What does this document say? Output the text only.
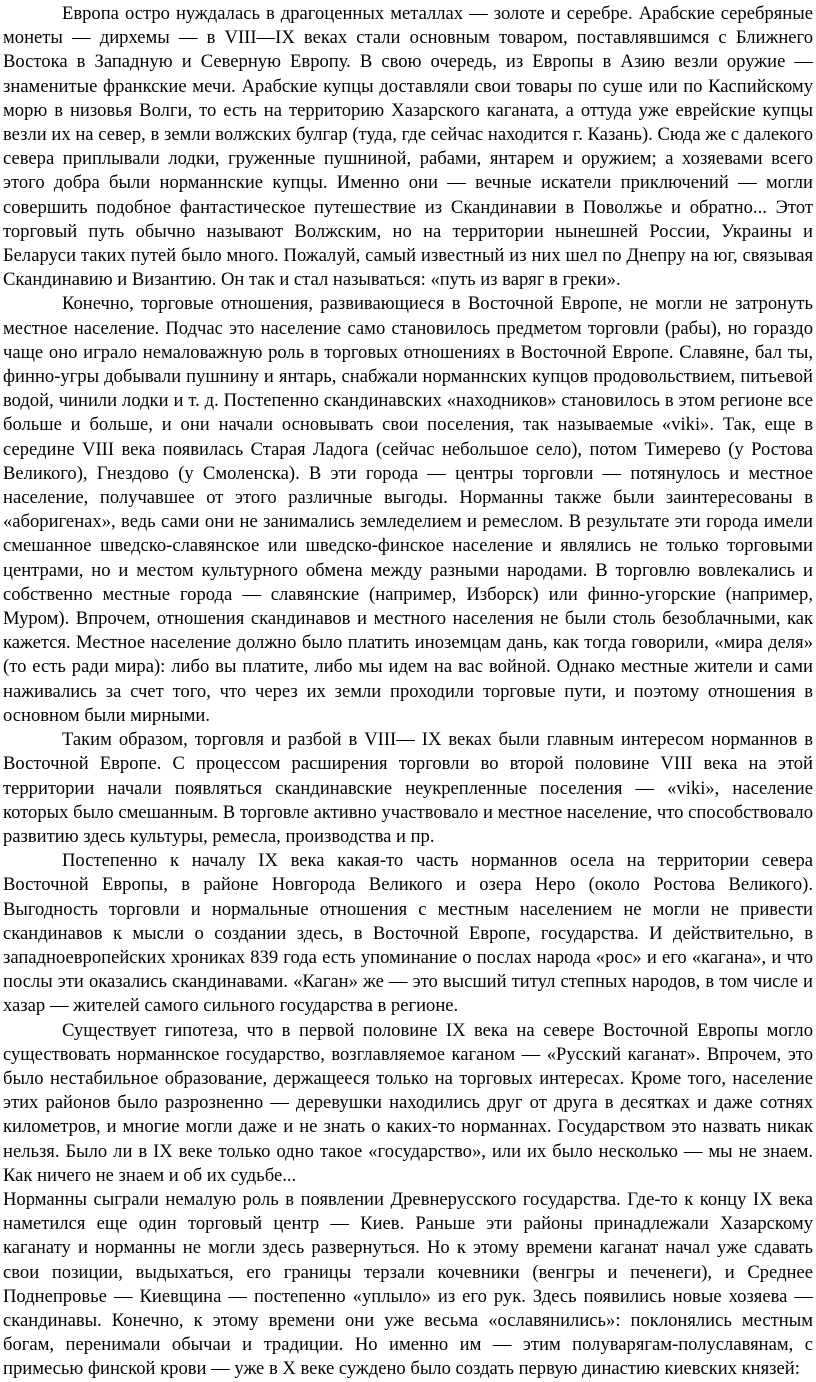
Европа остро нуждалась в драгоценных металлах — золоте и серебре. Арабские серебряные монеты — дирхемы — в VIII—IX веках стали основным товаром, поставлявшимся с Ближнего Востока в Западную и Северную Европу. В свою очередь, из Европы в Азию везли оружие — знаменитые франкские мечи. Арабские купцы доставляли свои товары по суше или по Каспийскому морю в низовья Волги, то есть на территорию Хазарского каганата, а оттуда уже еврейские купцы везли их на север, в земли волжских булгар (туда, где сейчас находится г. Казань). Сюда же с далекого севера приплывали лодки, груженные пушниной, рабами, янтарем и оружием; а хозяевами всего этого добра были норманнские купцы. Именно они — вечные искатели приключений — могли совершить подобное фантастическое путешествие из Скандинавии в Поволжье и обратно... Этот торговый путь обычно называют Волжским, но на территории нынешней России, Украины и Беларуси таких путей было много. Пожалуй, самый известный из них шел по Днепру на юг, связывая Скандинавию и Византию. Он так и стал называться: «путь из варяг в греки».

Конечно, торговые отношения, развивающиеся в Восточной Европе, не могли не затронуть местное население. Подчас это население само становилось предметом торговли (рабы), но гораздо чаще оно играло немаловажную роль в торговых отношениях в Восточной Европе. Славяне, бал ты, финно-угры добывали пушнину и янтарь, снабжали норманнских купцов продовольствием, питьевой водой, чинили лодки и т. д. Постепенно скандинавских «находников» становилось в этом регионе все больше и больше, и они начали основывать свои поселения, так называемые «viki». Так, еще в середине VIII века появилась Старая Ладога (сейчас небольшое село), потом Тимерево (у Ростова Великого), Гнездово (у Смоленска). В эти города — центры торговли — потянулось и местное население, получавшее от этого различные выгоды. Норманны также были заинтересованы в «аборигенах», ведь сами они не занимались земледелием и ремеслом. В результате эти города имели смешанное шведско-славянское или шведско-финское население и являлись не только торговыми центрами, но и местом культурного обмена между разными народами. В торговлю вовлекались и собственно местные города — славянские (например, Изборск) или финно-угорские (например, Муром). Впрочем, отношения скандинавов и местного населения не были столь безоблачными, как кажется. Местное население должно было платить иноземцам дань, как тогда говорили, «мира деля» (то есть ради мира): либо вы платите, либо мы идем на вас войной. Однако местные жители и сами наживались за счет того, что через их земли проходили торговые пути, и поэтому отношения в основном были мирными.

Таким образом, торговля и разбой в VIII— IX веках были главным интересом норманнов в Восточной Европе. С процессом расширения торговли во второй половине VIII века на этой территории начали появляться скандинавские неукрепленные поселения — «viki», население которых было смешанным. В торговле активно участвовало и местное население, что способствовало развитию здесь культуры, ремесла, производства и пр.

Постепенно к началу IX века какая-то часть норманнов осела на территории севера Восточной Европы, в районе Новгорода Великого и озера Неро (около Ростова Великого). Выгодность торговли и нормальные отношения с местным населением не могли не привести скандинавов к мысли о создании здесь, в Восточной Европе, государства. И действительно, в западноевропейских хрониках 839 года есть упоминание о послах народа «рос» и его «кагана», и что послы эти оказались скандинавами. «Каган» же — это высший титул степных народов, в том числе и хазар — жителей самого сильного государства в регионе.

Существует гипотеза, что в первой половине IX века на севере Восточной Европы могло существовать норманнское государство, возглавляемое каганом — «Русский каганат». Впрочем, это было нестабильное образование, держащееся только на торговых интересах. Кроме того, население этих районов было разрозненно — деревушки находились друг от друга в десятках и даже сотнях километров, и многие могли даже и не знать о каких-то норманнах. Государством это назвать никак нельзя. Было ли в IX веке только одно такое «государство», или их было несколько — мы не знаем. Как ничего не знаем и об их судьбе...

Норманны сыграли немалую роль в появлении Древнерусского государства. Где-то к концу IX века наметился еще один торговый центр — Киев. Раньше эти районы принадлежали Хазарскому каганату и норманны не могли здесь развернуться. Но к этому времени каганат начал уже сдавать свои позиции, выдыхаться, его границы терзали кочевники (венгры и печенеги), и Среднее Поднепровье — Киевщина — постепенно «уплыло» из его рук. Здесь появились новые хозяева — скандинавы. Конечно, к этому времени они уже весьма «ославянились»: поклонялись местным богам, перенимали обычаи и традиции. Но именно им — этим полуварягам-полуславянам, с примесью финской крови — уже в X веке суждено было создать первую династию киевских князей:
